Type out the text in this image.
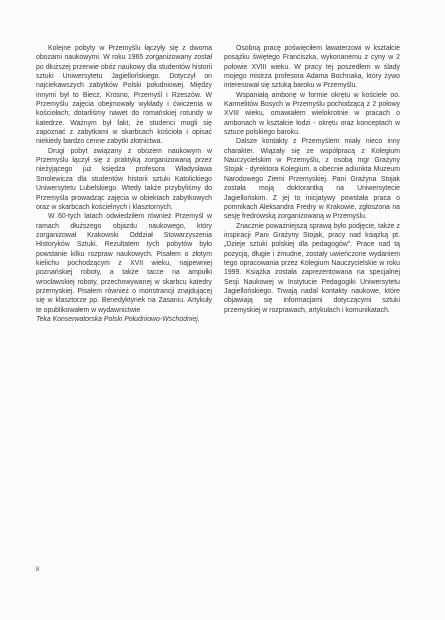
Kolejne pobyty w Przemyślu łączyły się z dwoma obozami naukowymi. W roku 1965 zorganizowany został po dłuższej przerwie obóz naukowy dla studentów historii sztuki Uniwersytetu Jagiellońskiego. Dotyczył on najciekawszych zabytków Polski południowej. Między innymi był to Biecz, Krosno, Przemyśl i Rzeszów. W Przemyślu zajęcia obejmowały wykłady i ćwiczenia w kościołach; dotarliśmy nawet do romańskiej rotundy w katedrze. Ważnym był fakt, że studenci mogli się zapoznać z zabytkami w skarbcach kościoła i opisać niekiedy bardzo cenne zabytki złotnictwa.

Drugi pobyt związany z obozem naukowym w Przemyślu łączył się z praktyką zorganizowaną przez nieżyjącego już księdza profesora Władysława Smolewicza dla studentów historii sztuki Katolickiego Uniwersytetu Lubelskiego. Wtedy także przybyliśmy do Przemyśla prowadząc zajęcia w obiektach zabytkowych oraz w skarbcach kościelnych i klasztornych.

W 60-tych latach odwiedziłem również Przemyśl w ramach dłuższego objazdu naukowego, który zorganizował Krakowski Oddział Stowarzyszenia Historyków Sztuki. Rezultatem tych pobytów było powstanie kilku rozpraw naukowych. Pisałem o złotym kielichu pochodzącym z XVII wieku, najpewniej poznańskiej roboty, a także tacce na ampułki wrocławskiej roboty, przechowywanej w skarbcu katedry przemyskiej. Pisałem również o monstrancji znajdującej się w klasztorze pp. Benedyktynek na Zasaniu. Artykuły te opublikowałem w wydawnictwie

Teka Konserwatorska Polski Południowo-Wschodniej.

Osobną pracę poświęciłem lawaterzowi w kształcie posążku świętego Franciszka, wykonanemu z cyny w 2 połowie XVIII wieku. W pracy tej poszedłem w ślady mojego mistrza profesora Adama Bochnaka, który żywo interesował się sztuką baroku w Przemyślu.

Wspaniałą ambonę w formie okrętu w kościele oo. Karmelitów Bosych w Przemyślu pochodzącą z 2 połowy XVIII wieku, omawiałem wielokrotnie w pracach o ambonach w kształcie łodzi - okrętu oraz konceptach w sztuce polskiego baroku.

Dalsze kontakty z Przemyślem miały nieco inny charakter. Wiązały się ze współpracą z Kolegium Nauczycielskim w Przemyślu, z osobą mgr Grażyny Stojak - dyrektora Kolegium, a obecnie adiunkta Muzeum Narodowego Ziemi Przemyskiej. Pani Grażyna Stojak została moją doktorantką na Uniwersytecie Jagiellońskim. Z jej to inicjatywy powstała praca o pomnikach Aleksandra Fredry w Krakowie, zgłoszona na sesję fredrowską zorganizowaną w Przemyślu.

Znacznie poważniejszą sprawą było podjęcie, także z inspiracji Pani Grażyny Stojak, pracy nad książką pt. „Dzieje sztuki polskiej dla pedagogów". Prace nad tą pozycją, długie i żmudne, zostały uwieńczone wydaniem tego opracowania przez Kolegium Nauczycielskie w roku 1999. Książka została zaprezentowana na specjalnej Sesji Naukowej w Instytucie Pedagogiki Uniwersytetu Jagiellońskiego. Trwają nadal kontakty naukowe, które objawiają się informacjami dotyczącymi sztuki przemyskiej w rozprawach, artykułach i komunikatach.

8
